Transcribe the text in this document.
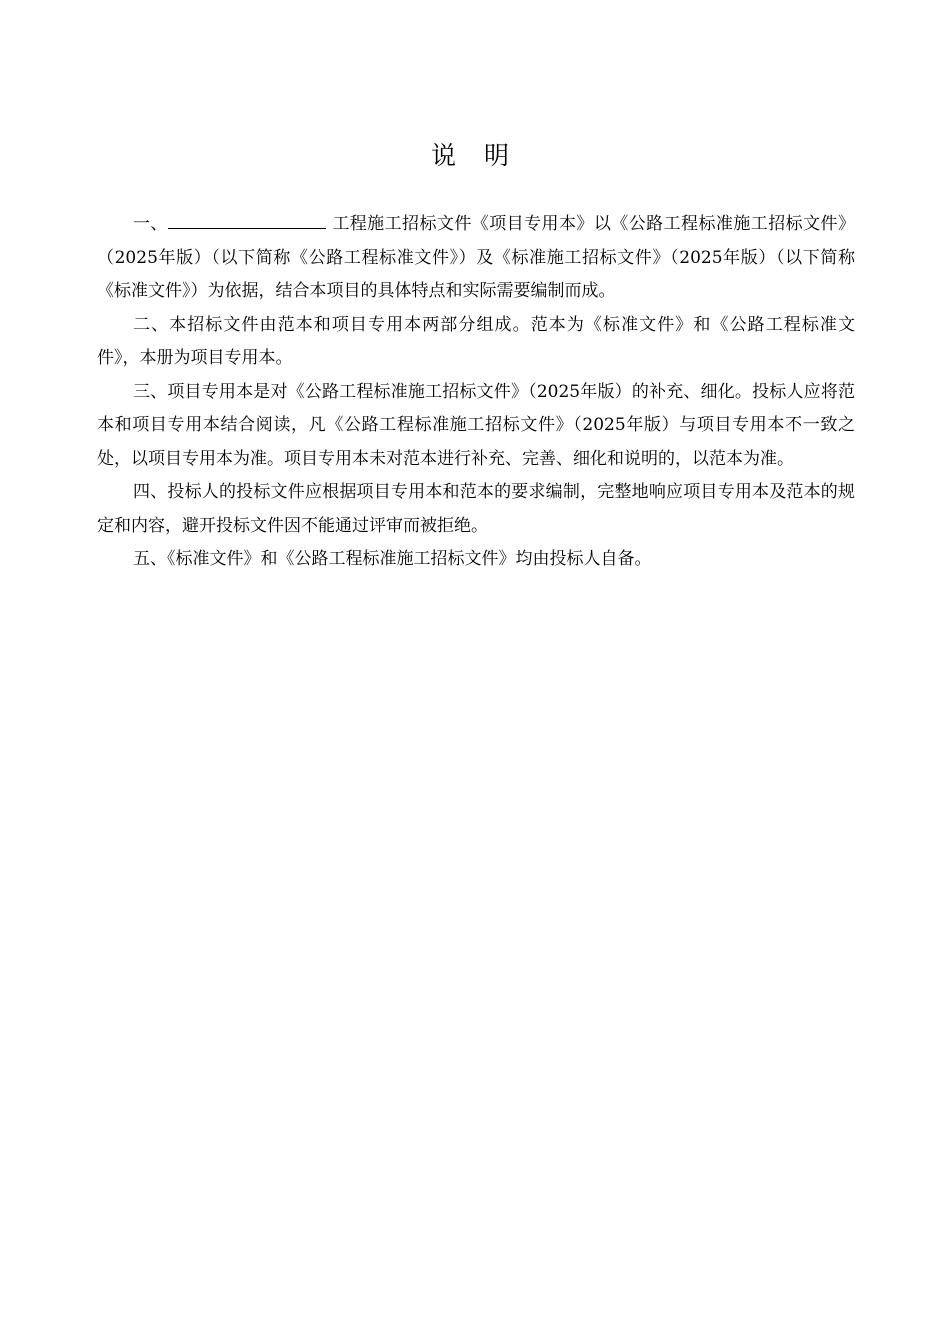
说 明

一、	工程施工招标文件《项目专用本》以《公路工程标准施工招标文件》（2025年版）（以下简称《公路工程标准文件》）及《标准施工招标文件》（2025年版）（以下简称《标准文件》）为依据，结合本项目的具体特点和实际需要编制而成。

二、本招标文件由范本和项目专用本两部分组成。范本为《标准文件》和《公路工程标准文件》，本册为项目专用本。

三、项目专用本是对《公路工程标准施工招标文件》（2025年版）的补充、细化。投标人应将范本和项目专用本结合阅读，凡《公路工程标准施工招标文件》（2025年版）与项目专用本不一致之处，以项目专用本为准。项目专用本未对范本进行补充、完善、细化和说明的，以范本为准。

四、投标人的投标文件应根据项目专用本和范本的要求编制，完整地响应项目专用本及范本的规定和内容，避开投标文件因不能通过评审而被拒绝。

五、《标准文件》和《公路工程标准施工招标文件》均由投标人自备。
